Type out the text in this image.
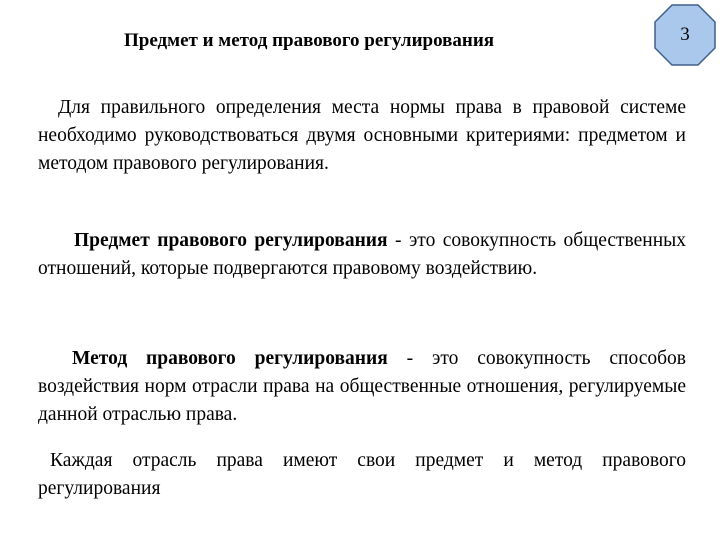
Предмет и метод правового регулирования	3

Для правильного определения места нормы права в правовой системе необходимо руководствоваться двумя основными критериями: предметом и методом правового регулирования.

Предмет правового регулирования - это совокупность общественных отношений, которые подвергаются правовому воздействию.

Метод правового регулирования - это совокупность способов воздействия норм отрасли права на общественные отношения, регулируемые данной отраслью права.

Каждая отрасль права имеют свои предмет и метод правового регулирования
